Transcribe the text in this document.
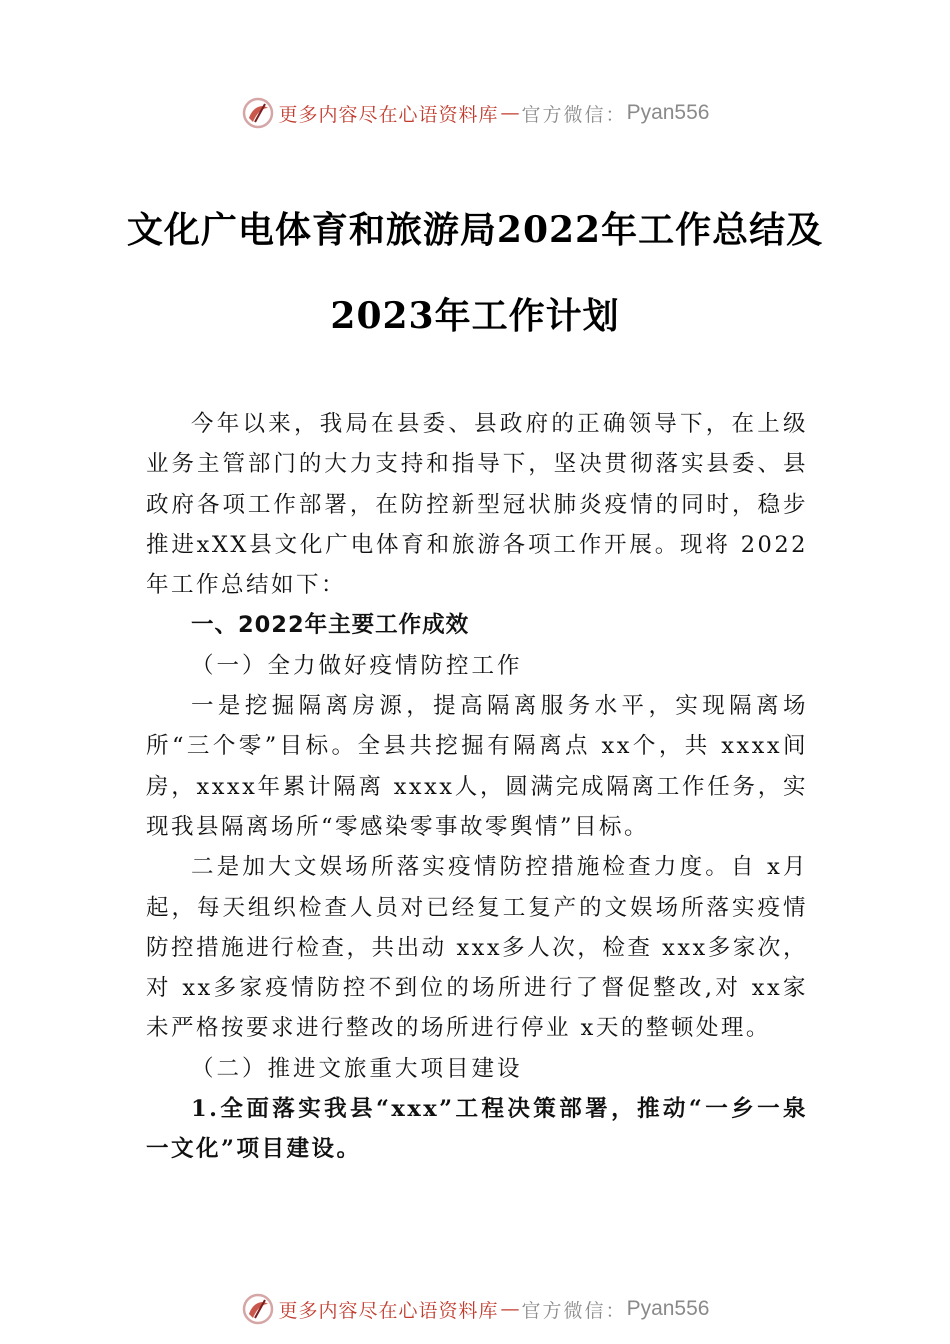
更多内容尽在心语资料库 — 官方微信： Pyan556
文化广电体育和旅游局2022年工作总结及
2023年工作计划

今年以来，我局在县委、县政府的正确领导下，在上级业务主管部门的大力支持和指导下，坚决贯彻落实县委、县政府各项工作部署，在防控新型冠状肺炎疫情的同时，稳步推进xXX县文化广电体育和旅游各项工作开展。现将 2022年工作总结如下：

一、2022年主要工作成效

（一）全力做好疫情防控工作

一是挖掘隔离房源，提高隔离服务水平，实现隔离场所“三个零”目标。全县共挖掘有隔离点 xx个，共 xxxx间房，xxxx年累计隔离 xxxx人，圆满完成隔离工作任务，实现我县隔离场所“零感染零事故零舆情”目标。

二是加大文娱场所落实疫情防控措施检查力度。自 x月起，每天组织检查人员对已经复工复产的文娱场所落实疫情防控措施进行检查，共出动 xxx多人次，检查 xxx多家次，对 xx多家疫情防控不到位的场所进行了督促整改,对 xx家未严格按要求进行整改的场所进行停业 x天的整顿处理。

（二）推进文旅重大项目建设

1.全面落实我县“xxx”工程决策部署，推动“一乡一泉一文化”项目建设。

更多内容尽在心语资料库 — 官方微信： Pyan556
